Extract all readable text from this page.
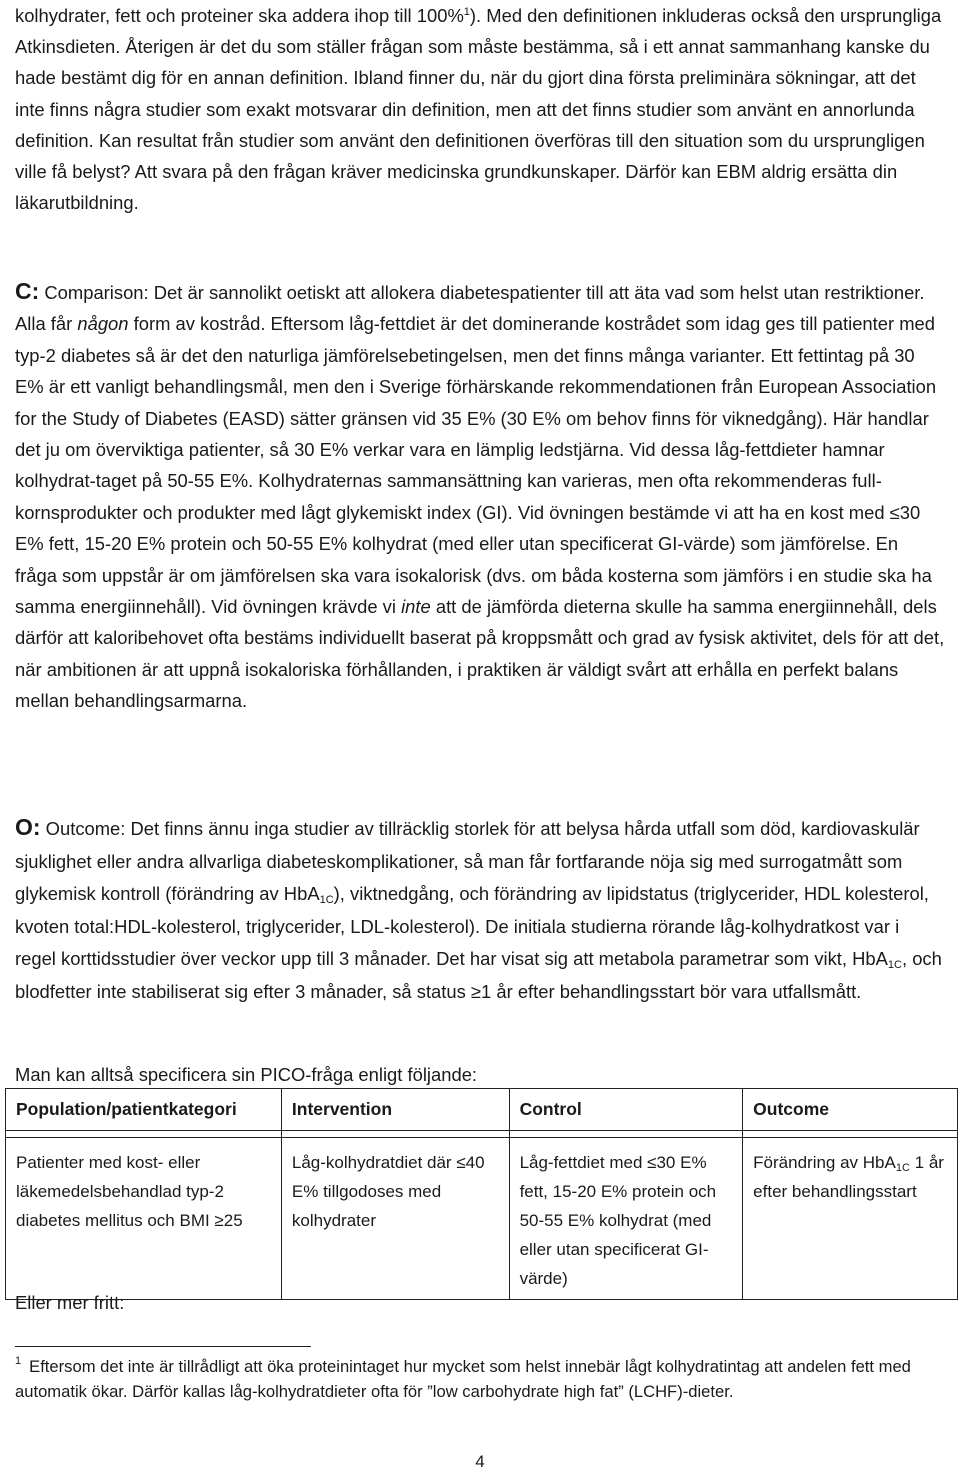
kolhydrater, fett och proteiner ska addera ihop till 100%$^1$). Med den definitionen inkluderas också den ursprungliga Atkinsdieten. Återigen är det du som ställer frågan som måste bestämma, så i ett annat sammanhang kanske du hade bestämt dig för en annan definition. Ibland finner du, när du gjort dina första preliminära sökningar, att det inte finns några studier som exakt motsvarar din definition, men att det finns studier som använt en annorlunda definition. Kan resultat från studier som använt den definitionen överföras till den situation som du ursprungligen ville få belyst? Att svara på den frågan kräver medicinska grundkunskaper. Därför kan EBM aldrig ersätta din läkarutbildning.

C: Comparison: Det är sannolikt oetiskt att allokera diabetespatienter till att äta vad som helst utan restriktioner. Alla får någon form av kostråd. Eftersom låg-fettdiet är det dominerande kostrådet som idag ges till patienter med typ-2 diabetes så är det den naturliga jämförelsebetingelsen, men det finns många varianter. Ett fettintag på 30 E% är ett vanligt behandlingsmål, men den i Sverige förhärskande rekommendationen från European Association for the Study of Diabetes (EASD) sätter gränsen vid 35 E% (30 E% om behov finns för viknedgång). Här handlar det ju om överviktiga patienter, så 30 E% verkar vara en lämplig ledstjärna. Vid dessa låg-fettdieter hamnar kolhydrat-taget på 50-55 E%. Kolhydraternas sammansättning kan varieras, men ofta rekommenderas full-kornsprodukter och produkter med lågt glykemiskt index (GI). Vid övningen bestämde vi att ha en kost med ≤30 E% fett, 15-20 E% protein och 50-55 E% kolhydrat (med eller utan specificerat GI-värde) som jämförelse. En fråga som uppstår är om jämförelsen ska vara isokalorisk (dvs. om båda kosterna som jämförs i en studie ska ha samma energiinnehåll). Vid övningen krävde vi inte att de jämförda dieterna skulle ha samma energiinnehåll, dels därför att kaloribehovet ofta bestäms individuellt baserat på kroppsmått och grad av fysisk aktivitet, dels för att det, när ambitionen är att uppnå isokaloriska förhållanden, i praktiken är väldigt svårt att erhålla en perfekt balans mellan behandlingsarmarna.

O: Outcome: Det finns ännu inga studier av tillräcklig storlek för att belysa hårda utfall som död, kardiovaskulär sjuklighet eller andra allvarliga diabeteskomplikationer, så man får fortfarande nöja sig med surrogatmått som glykemisk kontroll (förändring av HbA$_{1C}$), viktnedgång, och förändring av lipidstatus (triglycerider, HDL kolesterol, kvoten total:HDL-kolesterol, triglycerider, LDL-kolesterol). De initiala studierna rörande låg-kolhydratkost var i regel korttidsstudier över veckor upp till 3 månader. Det har visat sig att metabola parametrar som vikt, HbA$_{1C}$, och blodfetter inte stabiliserat sig efter 3 månader, så status ≥1 år efter behandlingsstart bör vara utfallsmått.

Man kan alltså specificera sin PICO-fråga enligt följande:

Population/patientkategori	Intervention	Control	Outcome

Patienter med kost- eller läkemedelsbehandlad typ-2 diabetes mellitus och BMI ≥25	Låg-kolhydratdiet där ≤40 E% tillgodoses med kolhydrater	Låg-fettdiet med ≤30 E% fett, 15-20 E% protein och 50-55 E% kolhydrat (med eller utan specificerat GI-värde)	Förändring av HbA$_{1C}$ 1 år efter behandlingsstart

Eller mer fritt:

$^1$ Eftersom det inte är tillrådligt att öka proteinintaget hur mycket som helst innebär lågt kolhydratintag att andelen fett med automatik ökar. Därför kallas låg-kolhydratdieter ofta för ”low carbohydrate high fat” (LCHF)-dieter.

4
